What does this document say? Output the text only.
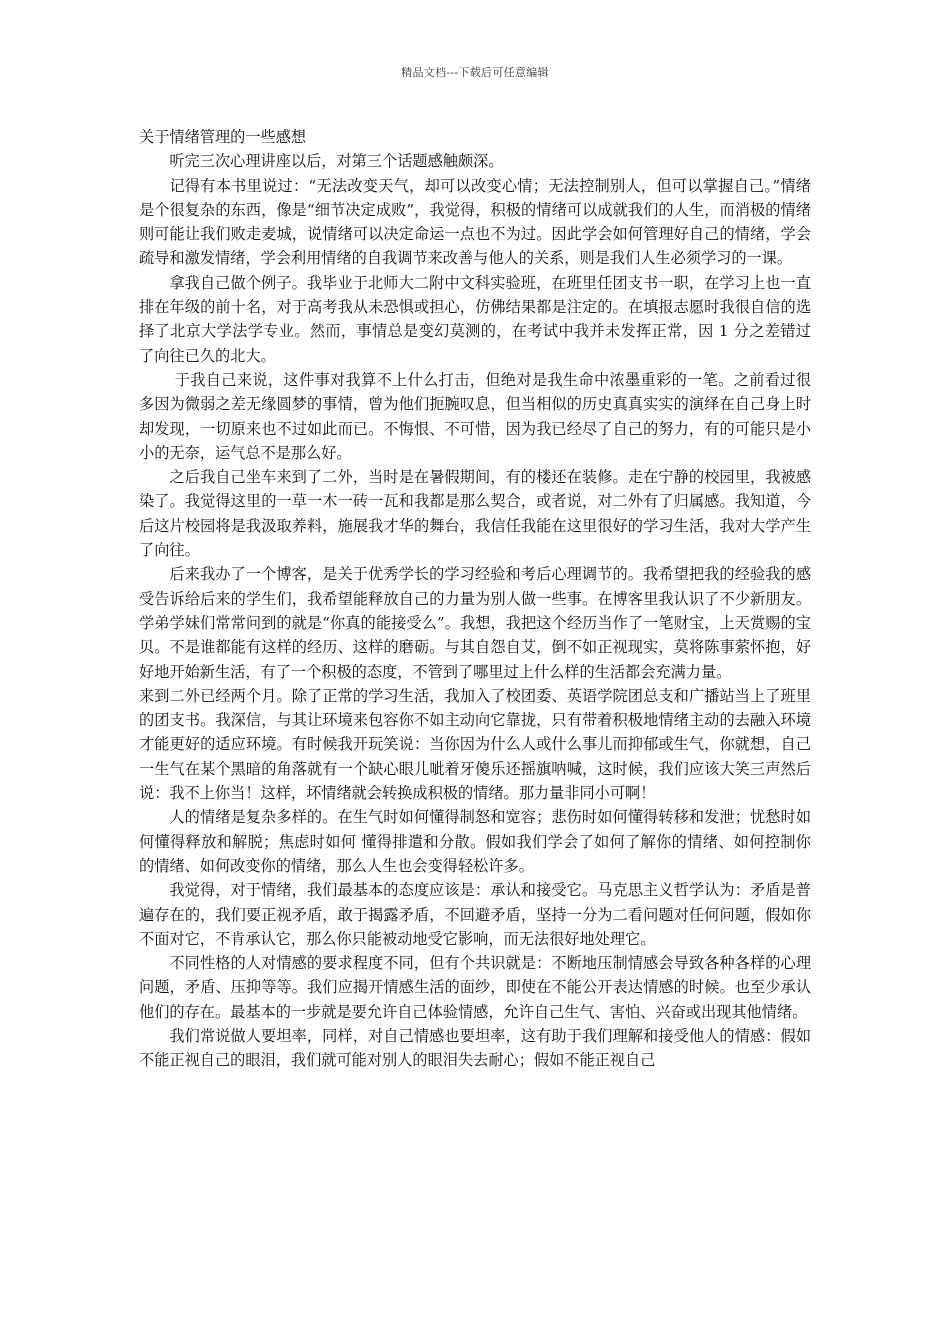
精品文档---下载后可任意编辑

关于情绪管理的一些感想

听完三次心理讲座以后，对第三个话题感触颇深。

记得有本书里说过：“无法改变天气，却可以改变心情；无法控制别人，但可以掌握自己。”情绪是个很复杂的东西，像是“细节决定成败”，我觉得，积极的情绪可以成就我们的人生，而消极的情绪则可能让我们败走麦城，说情绪可以决定命运一点也不为过。因此学会如何管理好自己的情绪，学会疏导和激发情绪，学会利用情绪的自我调节来改善与他人的关系，则是我们人生必须学习的一课。

拿我自己做个例子。我毕业于北师大二附中文科实验班，在班里任团支书一职，在学习上也一直排在年级的前十名，对于高考我从未恐惧或担心，仿佛结果都是注定的。在填报志愿时我很自信的选择了北京大学法学专业。然而，事情总是变幻莫测的，在考试中我并未发挥正常，因 1 分之差错过了向往已久的北大。

于我自己来说，这件事对我算不上什么打击，但绝对是我生命中浓墨重彩的一笔。之前看过很多因为微弱之差无缘圆梦的事情，曾为他们扼腕叹息，但当相似的历史真真实实的演绎在自己身上时却发现，一切原来也不过如此而已。不悔恨、不可惜，因为我已经尽了自己的努力，有的可能只是小小的无奈，运气总不是那么好。

之后我自己坐车来到了二外，当时是在暑假期间，有的楼还在装修。走在宁静的校园里，我被感染了。我觉得这里的一草一木一砖一瓦和我都是那么契合，或者说，对二外有了归属感。我知道，今后这片校园将是我汲取养料，施展我才华的舞台，我信任我能在这里很好的学习生活，我对大学产生了向往。

后来我办了一个博客，是关于优秀学长的学习经验和考后心理调节的。我希望把我的经验我的感受告诉给后来的学生们，我希望能释放自己的力量为别人做一些事。在博客里我认识了不少新朋友。学弟学妹们常常问到的就是“你真的能接受么”。我想，我把这个经历当作了一笔财宝，上天赏赐的宝贝。不是谁都能有这样的经历、这样的磨砺。与其自怨自艾，倒不如正视现实，莫将陈事萦怀抱，好好地开始新生活，有了一个积极的态度，不管到了哪里过上什么样的生活都会充满力量。

来到二外已经两个月。除了正常的学习生活，我加入了校团委、英语学院团总支和广播站当上了班里的团支书。我深信，与其让环境来包容你不如主动向它靠拢，只有带着积极地情绪主动的去融入环境才能更好的适应环境。有时候我开玩笑说：当你因为什么人或什么事儿而抑郁或生气，你就想，自己一生气在某个黑暗的角落就有一个缺心眼儿呲着牙傻乐还摇旗呐喊，这时候，我们应该大笑三声然后说：我不上你当！这样，坏情绪就会转换成积极的情绪。那力量非同小可啊！

人的情绪是复杂多样的。在生气时如何懂得制怒和宽容；悲伤时如何懂得转移和发泄；忧愁时如何懂得释放和解脱；焦虑时如何 懂得排遣和分散。假如我们学会了如何了解你的情绪、如何控制你的情绪、如何改变你的情绪，那么人生也会变得轻松许多。

我觉得，对于情绪，我们最基本的态度应该是：承认和接受它。马克思主义哲学认为：矛盾是普遍存在的，我们要正视矛盾，敢于揭露矛盾，不回避矛盾，坚持一分为二看问题对任何问题，假如你不面对它，不肯承认它，那么你只能被动地受它影响，而无法很好地处理它。

不同性格的人对情感的要求程度不同，但有个共识就是：不断地压制情感会导致各种各样的心理问题，矛盾、压抑等等。我们应揭开情感生活的面纱，即使在不能公开表达情感的时候。也至少承认他们的存在。最基本的一步就是要允许自己体验情感，允许自己生气、害怕、兴奋或出现其他情绪。

我们常说做人要坦率，同样，对自己情感也要坦率，这有助于我们理解和接受他人的情感：假如不能正视自己的眼泪，我们就可能对别人的眼泪失去耐心；假如不能正视自己
